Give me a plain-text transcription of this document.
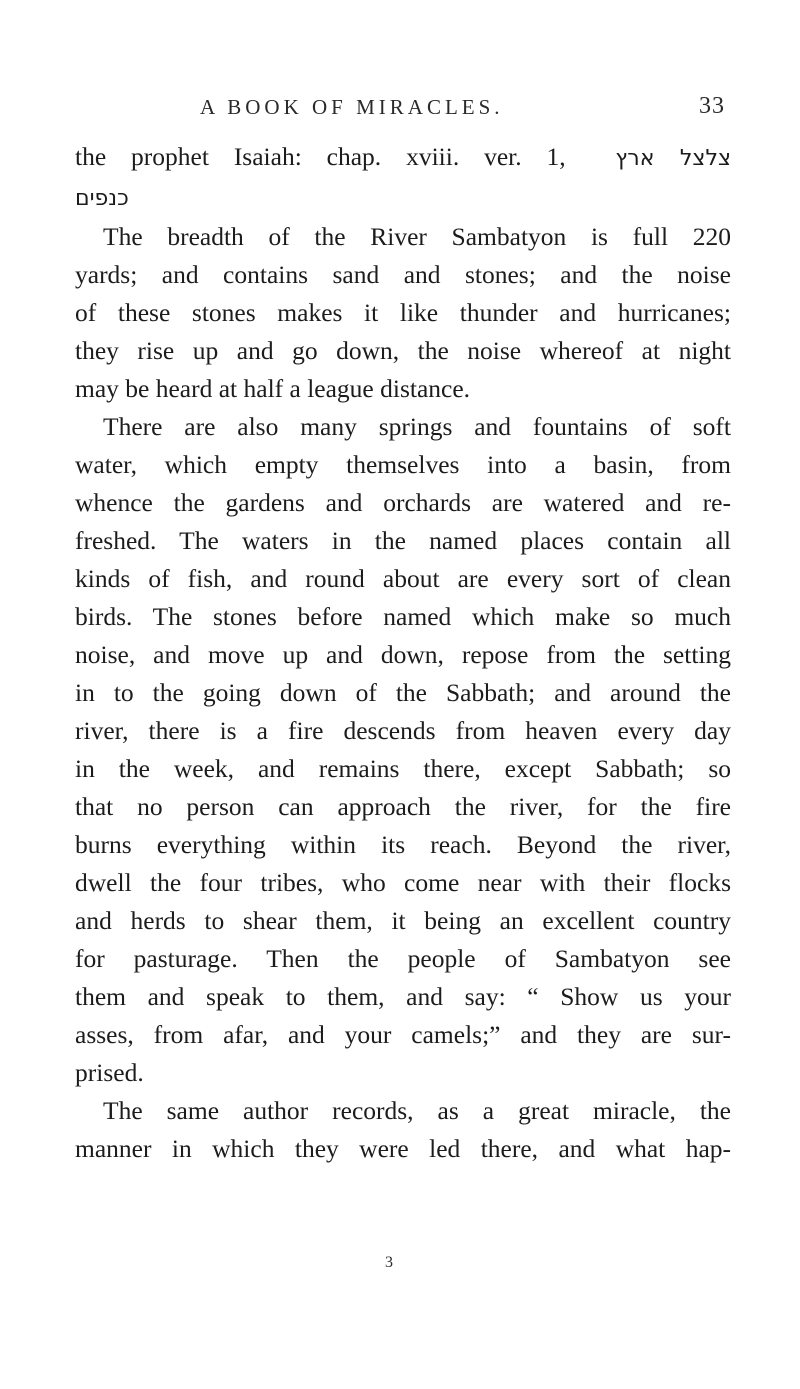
A BOOK OF MIRACLES.	33

the prophet Isaiah: chap. xviii. ver. 1, צלצל ארץ
כנפים

The breadth of the River Sambatyon is full 220
yards; and contains sand and stones; and the noise
of these stones makes it like thunder and hurricanes;
they rise up and go down, the noise whereof at night
may be heard at half a league distance.

There are also many springs and fountains of soft
water, which empty themselves into a basin, from
whence the gardens and orchards are watered and re-
freshed. The waters in the named places contain all
kinds of fish, and round about are every sort of clean
birds. The stones before named which make so much
noise, and move up and down, repose from the setting
in to the going down of the Sabbath; and around the
river, there is a fire descends from heaven every day
in the week, and remains there, except Sabbath; so
that no person can approach the river, for the fire
burns everything within its reach. Beyond the river,
dwell the four tribes, who come near with their flocks
and herds to shear them, it being an excellent country
for pasturage. Then the people of Sambatyon see
them and speak to them, and say: “ Show us your
asses, from afar, and your camels;” and they are sur-
prised.

The same author records, as a great miracle, the
manner in which they were led there, and what hap-

3
